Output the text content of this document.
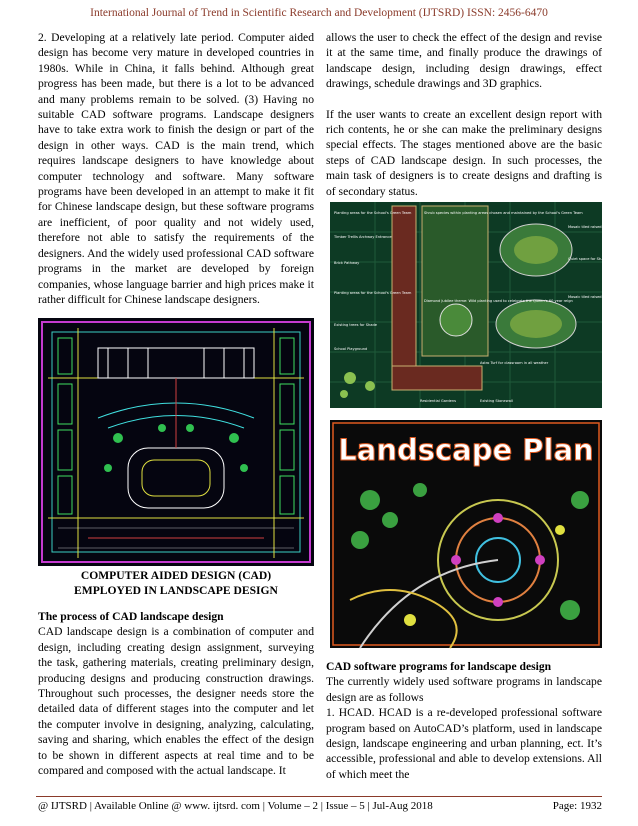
International Journal of Trend in Scientific Research and Development (IJTSRD) ISSN: 2456-6470

2. Developing at a relatively late period. Computer aided design has become very mature in developed countries in 1980s. While in China, it falls behind. Although great progress has been made, but there is a lot to be advanced and many problems remain to be solved. (3) Having no suitable CAD software programs. Landscape designers have to take extra work to finish the design or part of the design in other ways. CAD is the main trend, which requires landscape designers to have knowledge about computer technology and software. Many software programs have been developed in an attempt to make it fit for Chinese landscape design, but these software programs are inefficient, of poor quality and not widely used, therefore not able to satisfy the requirements of the designers. And the widely used professional CAD software programs in the market are developed by foreign companies, whose language barrier and high prices make it rather difficult for Chinese landscape designers.

COMPUTER AIDED DESIGN (CAD)
EMPLOYED IN LANDSCAPE DESIGN

The process of CAD landscape design

CAD landscape design is a combination of computer and design, including creating design assignment, surveying the task, gathering materials, creating preliminary design, producing designs and producing construction drawings. Throughout such processes, the designer needs store the detailed data of different stages into the computer and let the computer involve in designing, analyzing, calculating, saving and sharing, which enables the effect of the design to be shown in different aspects at real time and to be compared and composed with the actual landscape. It

allows the user to check the effect of the design and revise it at the same time, and finally produce the drawings of landscape design, including design drawings, effect drawings, schedule drawings and 3D graphics.

If the user wants to create an excellent design report with rich contents, he or she can make the preliminary designs special effects. The stages mentioned above are the basic steps of CAD landscape design. In such processes, the main task of designers is to create designs and drafting is of secondary status.

Planting areas for the School's Green Team
Timber Trellis Archway Entrance
Brick Pathway
Planting areas for the School's Green Team
Existing trees for Shade
School Playground
Shrub species within planting areas chosen and maintained by the School's Green Team
Diamond Jubilee theme: Wild planting used to celebrate the Queen's 60 year reign
Astro Turf for classroom in all weather
Mosaic tiled raised planting beds
Quiet space for Students
Mosaic tiled raised planting beds
Residential Gardens	Existing Stonewall
Landscape Plan

CAD software programs for landscape design

The currently widely used software programs in landscape design are as follows

1. HCAD. HCAD is a re-developed professional software program based on AutoCAD’s platform, used in landscape design, landscape engineering and urban planning, ect. It’s accessible, professional and able to develop extensions. All of which meet the

@ IJTSRD | Available Online @ www. ijtsrd. com | Volume – 2 | Issue – 5 | Jul-Aug 2018	Page: 1932
